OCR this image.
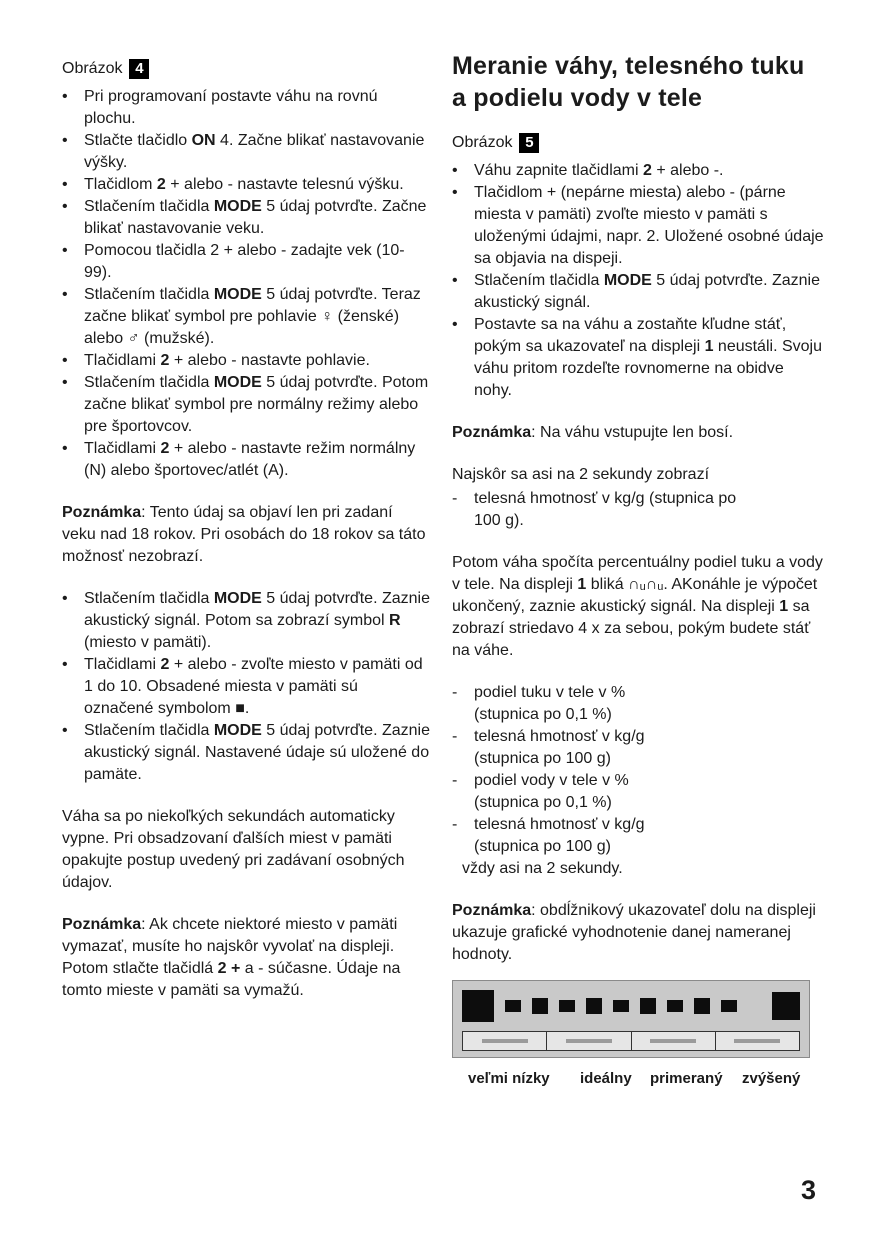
Obrázok 4
•	Pri programovaní postavte váhu na rovnú plochu.
•	Stlačte tlačidlo ON 4. Začne blikať nastavovanie výšky.
•	Tlačidlom 2 + alebo - nastavte telesnú výšku.
•	Stlačením tlačidla MODE 5 údaj potvrďte. Začne blikať nastavovanie veku.
•	Pomocou tlačidla 2 + alebo - zadajte vek (10-99).
•	Stlačením tlačidla MODE 5 údaj potvrďte. Teraz začne blikať symbol pre pohlavie ♀ (ženské) alebo ♂ (mužské).
•	Tlačidlami 2 + alebo - nastavte pohlavie.
•	Stlačením tlačidla MODE 5 údaj potvrďte. Potom začne blikať symbol pre normálny režimy alebo pre športovcov.
•	Tlačidlami 2 + alebo - nastavte režim normálny (N) alebo športovec/atlét (A).

Poznámka: Tento údaj sa objaví len pri zadaní veku nad 18 rokov. Pri osobách do 18 rokov sa táto možnosť nezobrazí.

•	Stlačením tlačidla MODE 5 údaj potvrďte. Zaznie akustický signál. Potom sa zobrazí symbol R (miesto v pamäti).
•	Tlačidlami 2 + alebo - zvoľte miesto v pamäti od 1 do 10. Obsadené miesta v pamäti sú označené symbolom ■.
•	Stlačením tlačidla MODE 5 údaj potvrďte. Zaznie akustický signál. Nastavené údaje sú uložené do pamäte.

Váha sa po niekoľkých sekundách automaticky vypne. Pri obsadzovaní ďalších miest v pamäti opakujte postup uvedený pri zadávaní osobných údajov.

Poznámka: Ak chcete niektoré miesto v pamäti vymazať, musíte ho najskôr vyvolať na displeji. Potom stlačte tlačidlá 2 + a - súčasne. Údaje na tomto mieste v pamäti sa vymažú.

Meranie váhy, telesného tuku
a podielu vody v tele
Obrázok 5
•	Váhu zapnite tlačidlami 2 + alebo -.
•	Tlačidlom + (nepárne miesta) alebo - (párne miesta v pamäti) zvoľte miesto v pamäti s uloženými údajmi, napr. 2. Uložené osobné údaje sa objavia na dispeji.
•	Stlačením tlačidla MODE 5 údaj potvrďte. Zaznie akustický signál.
•	Postavte sa na váhu a zostaňte kľudne stáť, pokým sa ukazovateľ na displeji 1 neustáli. Svoju váhu pritom rozdeľte rovnomerne na obidve nohy.

Poznámka: Na váhu vstupujte len bosí.

Najskôr sa asi na 2 sekundy zobrazí

-	telesná hmotnosť v kg/g (stupnica po
100 g).

Potom váha spočíta percentuálny podiel tuku a vody v tele. Na displeji 1 bliká ∩ᵤ∩ᵤ. AKonáhle je výpočet ukončený, zaznie akustický signál. Na displeji 1 sa zobrazí striedavo 4 x za sebou, pokým budete stáť na váhe.

-	podiel tuku v tele v %
(stupnica po 0,1 %)
-	telesná hmotnosť v kg/g
(stupnica po 100 g)
-	podiel vody v tele v %
(stupnica po 0,1 %)
-	telesná hmotnosť v kg/g
(stupnica po 100 g)
vždy asi na 2 sekundy.

Poznámka: obdĺžnikový ukazovateľ dolu na displeji ukazuje grafické vyhodnotenie danej nameranej hodnoty.

veľmi nízky ideálny primeraný zvýšený
3
